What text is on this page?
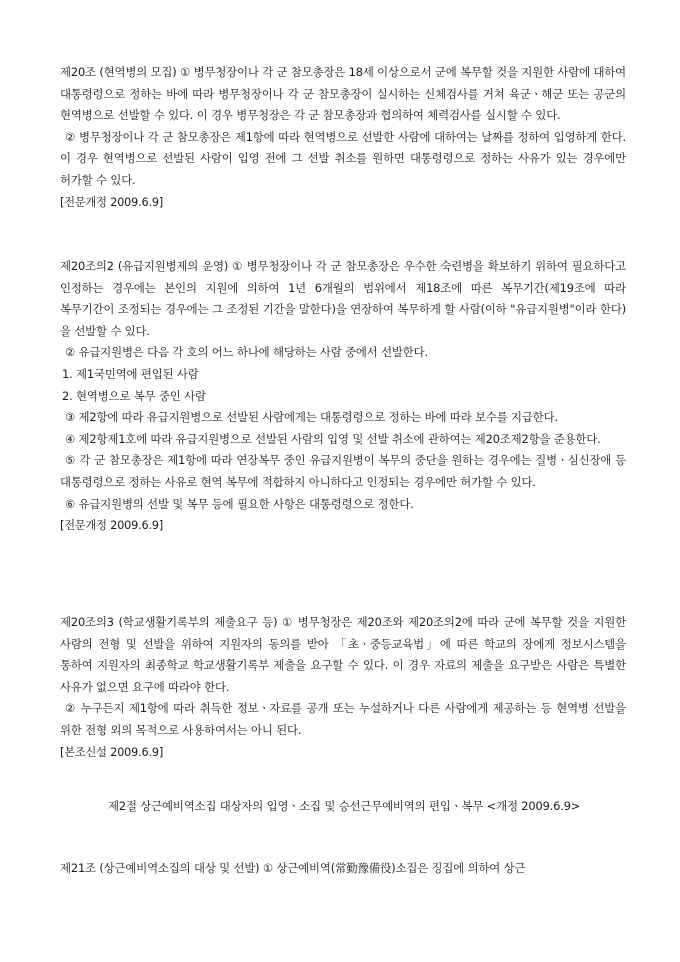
제20조 (현역병의 모집) ① 병무청장이나 각 군 참모총장은 18세 이상으로서 군에 복무할 것을 지원한 사람에 대하여 대통령령으로 정하는 바에 따라 병무청장이나 각 군 참모총장이 실시하는 신체검사를 거쳐 육군ㆍ해군 또는 공군의 현역병으로 선발할 수 있다. 이 경우 병무청장은 각 군 참모총장과 협의하여 체력검사를 실시할 수 있다.

② 병무청장이나 각 군 참모총장은 제1항에 따라 현역병으로 선발한 사람에 대하여는 날짜를 정하여 입영하게 한다. 이 경우 현역병으로 선발된 사람이 입영 전에 그 선발 취소를 원하면 대통령령으로 정하는 사유가 있는 경우에만 허가할 수 있다.

[전문개정 2009.6.9]

제20조의2 (유급지원병제의 운영) ① 병무청장이나 각 군 참모총장은 우수한 숙련병을 확보하기 위하여 필요하다고 인정하는 경우에는 본인의 지원에 의하여 1년 6개월의 범위에서 제18조에 따른 복무기간(제19조에 따라 복무기간이 조정되는 경우에는 그 조정된 기간을 말한다)을 연장하여 복무하게 할 사람(이하 "유급지원병"이라 한다)을 선발할 수 있다.

② 유급지원병은 다음 각 호의 어느 하나에 해당하는 사람 중에서 선발한다.

1. 제1국민역에 편입된 사람

2. 현역병으로 복무 중인 사람

③ 제2항에 따라 유급지원병으로 선발된 사람에게는 대통령령으로 정하는 바에 따라 보수를 지급한다.

④ 제2항제1호에 따라 유급지원병으로 선발된 사람의 입영 및 선발 취소에 관하여는 제20조제2항을 준용한다.

⑤ 각 군 참모총장은 제1항에 따라 연장복무 중인 유급지원병이 복무의 중단을 원하는 경우에는 질병ㆍ심신장애 등 대통령령으로 정하는 사유로 현역 복무에 적합하지 아니하다고 인정되는 경우에만 허가할 수 있다.

⑥ 유급지원병의 선발 및 복무 등에 필요한 사항은 대통령령으로 정한다.

[전문개정 2009.6.9]

제20조의3 (학교생활기록부의 제출요구 등) ① 병무청장은 제20조와 제20조의2에 따라 군에 복무할 것을 지원한 사람의 전형 및 선발을 위하여 지원자의 동의를 받아 「초ㆍ중등교육법」에 따른 학교의 장에게 정보시스템을 통하여 지원자의 최종학교 학교생활기록부 제출을 요구할 수 있다. 이 경우 자료의 제출을 요구받은 사람은 특별한 사유가 없으면 요구에 따라야 한다.

② 누구든지 제1항에 따라 취득한 정보ㆍ자료를 공개 또는 누설하거나 다른 사람에게 제공하는 등 현역병 선발을 위한 전형 외의 목적으로 사용하여서는 아니 된다.

[본조신설 2009.6.9]

제2절 상근예비역소집 대상자의 입영ㆍ소집 및 승선근무예비역의 편입ㆍ복무 <개정 2009.6.9>

제21조 (상근예비역소집의 대상 및 선발) ① 상근예비역(常勤豫備役)소집은 징집에 의하여 상근
